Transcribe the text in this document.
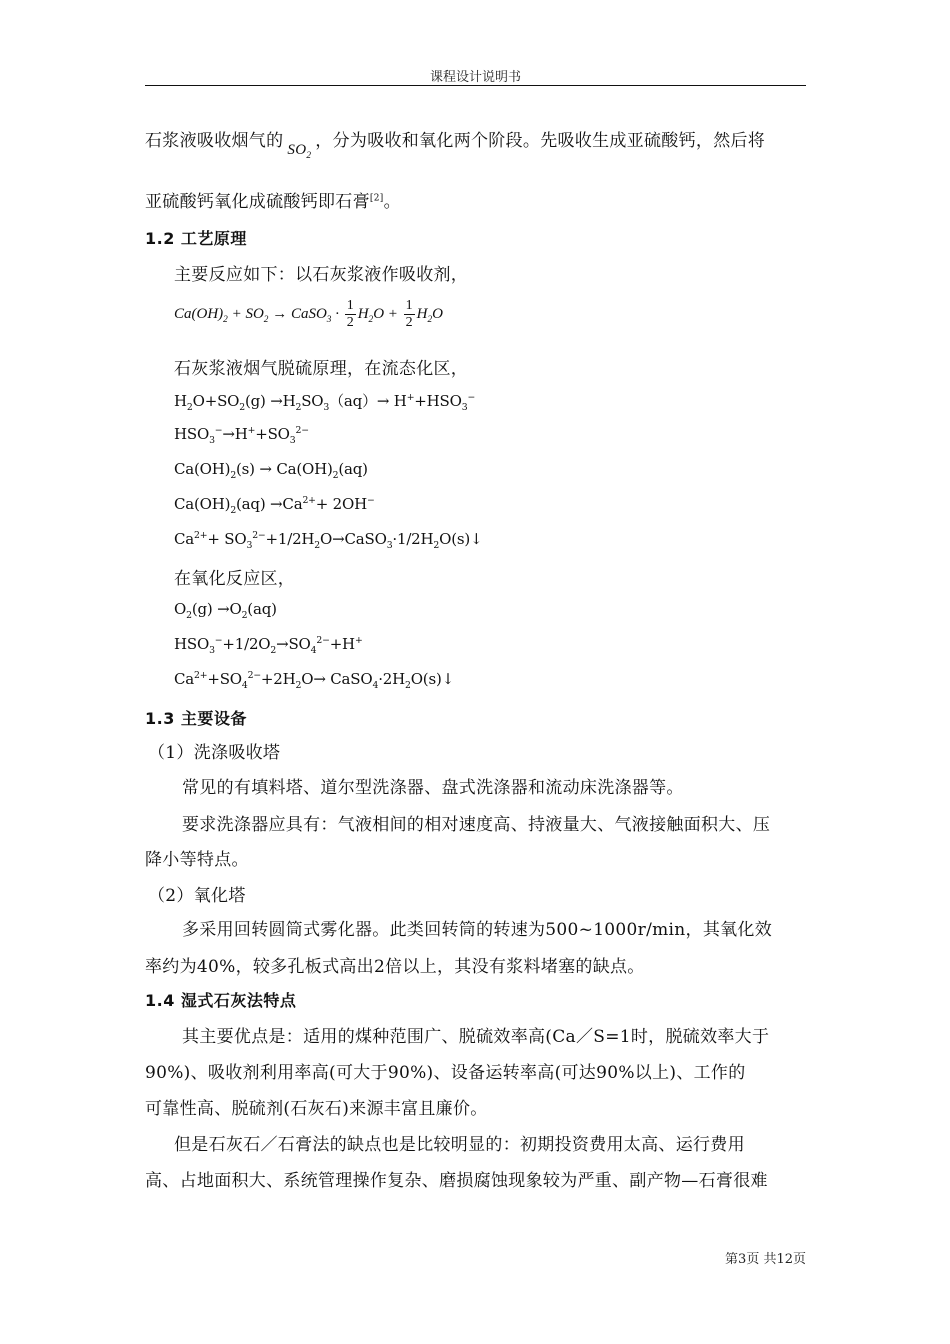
课程设计说明书
石浆液吸收烟气的 $SO_2$，分为吸收和氧化两个阶段。先吸收生成亚硫酸钙，然后将
亚硫酸钙氧化成硫酸钙即石膏[2]。
1.2 工艺原理
主要反应如下：以石灰浆液作吸收剂，
$Ca(OH)_2 + SO_2$ → CaSO$_3$ · $\frac{1}{2} H_2O + \frac{1}{2} H_2O$
石灰浆液烟气脱硫原理，在流态化区，
$H_2O+SO_2(g) \to H_2SO_3(aq)\to H^++HSO_3^-$
$HSO_3^-\to H^++SO_3^{2-}$
$Ca(OH)_2(s) \to Ca(OH)_2(aq)$
$Ca(OH)_2(aq) \to Ca^{2+}+ 2OH^-$
$Ca^{2+}+$ $SO_3^{2-}+1/2H_2O\to CaSO_3\cdot 1/2H_2O(s)↓$
在氧化反应区，
$O_2(g) \to O_2(aq)$
$HSO_3^-+1/2O_2\to SO_4^{2-}+H^+$
$Ca^{2+}+SO_4^{2-}+2H_2O\to$ $CaSO_4\cdot 2H_2O(s)↓$
1.3 主要设备
（1）洗涤吸收塔
常见的有填料塔、道尔型洗涤器、盘式洗涤器和流动床洗涤器等。
要求洗涤器应具有：气液相间的相对速度高、持液量大、气液接触面积大、压
降小等特点。
（2）氧化塔
多采用回转圆筒式雾化器。此类回转筒的转速为500~1000r/min，其氧化效
率约为40%，较多孔板式高出2倍以上，其没有浆料堵塞的缺点。
1.4 湿式石灰法特点
其主要优点是：适用的煤种范围广、脱硫效率高(Ca／S=1时，脱硫效率大于
90%)、吸收剂利用率高(可大于90%)、设备运转率高(可达90%以上)、工作的
可靠性高、脱硫剂(石灰石)来源丰富且廉价。
但是石灰石／石膏法的缺点也是比较明显的：初期投资费用太高、运行费用
高、占地面积大、系统管理操作复杂、磨损腐蚀现象较为严重、副产物—石膏很难
第3页 共12页
